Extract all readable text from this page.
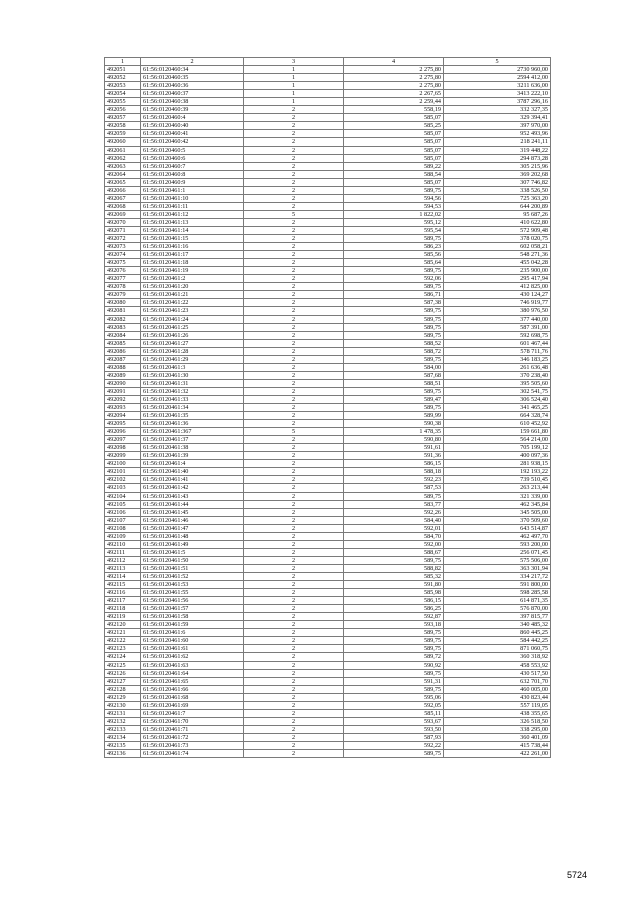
1	2	3	4	5
492051	61:56:0120460:34	1	2 275,80	2730 960,00
492052	61:56:0120460:35	1	2 275,80	2594 412,00
492053	61:56:0120460:36	1	2 275,80	3211 636,00
492054	61:56:0120460:37	1	2 267,65	3413 222,10
492055	61:56:0120460:38	1	2 259,44	3787 296,16
492056	61:56:0120460:39	2	558,19	332 327,35
492057	61:56:0120460:4	2	585,07	329 394,41
492058	61:56:0120460:40	2	585,25	397 970,00
492059	61:56:0120460:41	2	585,07	952 493,96
492060	61:56:0120460:42	2	585,07	218 241,11
492061	61:56:0120460:5	2	585,07	319 448,22
492062	61:56:0120460:6	2	585,07	294 873,28
492063	61:56:0120460:7	2	589,22	305 215,96
492064	61:56:0120460:8	2	588,54	369 202,68
492065	61:56:0120460:9	2	585,07	307 746,82
492066	61:56:0120461:1	2	589,75	338 526,50
492067	61:56:0120461:10	2	594,56	725 363,20
492068	61:56:0120461:11	2	594,53	644 200,89
492069	61:56:0120461:12	5	1 822,02	95 687,26
492070	61:56:0120461:13	2	595,12	410 622,80
492071	61:56:0120461:14	2	595,54	572 909,48
492072	61:56:0120461:15	2	589,75	378 020,75
492073	61:56:0120461:16	2	586,23	602 058,21
492074	61:56:0120461:17	2	585,56	548 271,36
492075	61:56:0120461:18	2	585,64	455 042,28
492076	61:56:0120461:19	2	589,75	235 900,00
492077	61:56:0120461:2	2	592,06	295 417,94
492078	61:56:0120461:20	2	589,75	412 825,00
492079	61:56:0120461:21	2	586,71	430 124,27
492080	61:56:0120461:22	2	587,38	746 919,77
492081	61:56:0120461:23	2	589,75	380 976,50
492082	61:56:0120461:24	2	589,75	377 440,00
492083	61:56:0120461:25	2	589,75	587 391,00
492084	61:56:0120461:26	2	589,75	592 698,75
492085	61:56:0120461:27	2	588,52	601 467,44
492086	61:56:0120461:28	2	588,72	578 711,76
492087	61:56:0120461:29	2	589,75	346 183,25
492088	61:56:0120461:3	2	584,00	261 636,48
492089	61:56:0120461:30	2	587,68	370 238,40
492090	61:56:0120461:31	2	588,51	395 505,60
492091	61:56:0120461:32	2	589,75	302 541,75
492092	61:56:0120461:33	2	589,47	306 524,40
492093	61:56:0120461:34	2	589,75	341 465,25
492094	61:56:0120461:35	2	589,99	664 328,74
492095	61:56:0120461:36	2	590,38	610 452,92
492096	61:56:0120461:367	5	1 478,35	159 661,80
492097	61:56:0120461:37	2	590,80	564 214,00
492098	61:56:0120461:38	2	591,61	705 199,12
492099	61:56:0120461:39	2	591,36	400 097,36
492100	61:56:0120461:4	2	586,15	281 938,15
492101	61:56:0120461:40	2	588,18	192 193,22
492102	61:56:0120461:41	2	592,23	739 510,45
492103	61:56:0120461:42	2	587,53	263 213,44
492104	61:56:0120461:43	2	589,75	321 339,00
492105	61:56:0120461:44	2	583,77	462 345,84
492106	61:56:0120461:45	2	592,26	345 505,00
492107	61:56:0120461:46	2	584,40	370 509,60
492108	61:56:0120461:47	2	592,01	643 514,87
492109	61:56:0120461:48	2	584,70	462 497,70
492110	61:56:0120461:49	2	592,00	593 200,00
492111	61:56:0120461:5	2	588,67	256 071,45
492112	61:56:0120461:50	2	589,75	575 506,00
492113	61:56:0120461:51	2	588,82	363 301,94
492114	61:56:0120461:52	2	585,32	334 217,72
492115	61:56:0120461:53	2	591,80	591 800,00
492116	61:56:0120461:55	2	585,98	598 285,58
492117	61:56:0120461:56	2	586,15	614 871,35
492118	61:56:0120461:57	2	586,25	576 870,00
492119	61:56:0120461:58	2	592,87	397 815,77
492120	61:56:0120461:59	2	593,18	340 485,32
492121	61:56:0120461:6	2	589,75	860 445,25
492122	61:56:0120461:60	2	589,75	584 442,25
492123	61:56:0120461:61	2	589,75	871 060,75
492124	61:56:0120461:62	2	589,72	360 318,92
492125	61:56:0120461:63	2	590,92	458 553,92
492126	61:56:0120461:64	2	589,75	430 517,50
492127	61:56:0120461:65	2	591,31	632 701,70
492128	61:56:0120461:66	2	589,75	460 005,00
492129	61:56:0120461:68	2	595,06	430 823,44
492130	61:56:0120461:69	2	592,05	557 119,05
492131	61:56:0120461:7	2	585,11	438 355,65
492132	61:56:0120461:70	2	593,67	326 518,50
492133	61:56:0120461:71	2	593,50	338 295,00
492134	61:56:0120461:72	2	587,93	360 401,09
492135	61:56:0120461:73	2	592,22	415 738,44
492136	61:56:0120461:74	2	589,75	422 261,00
5724
